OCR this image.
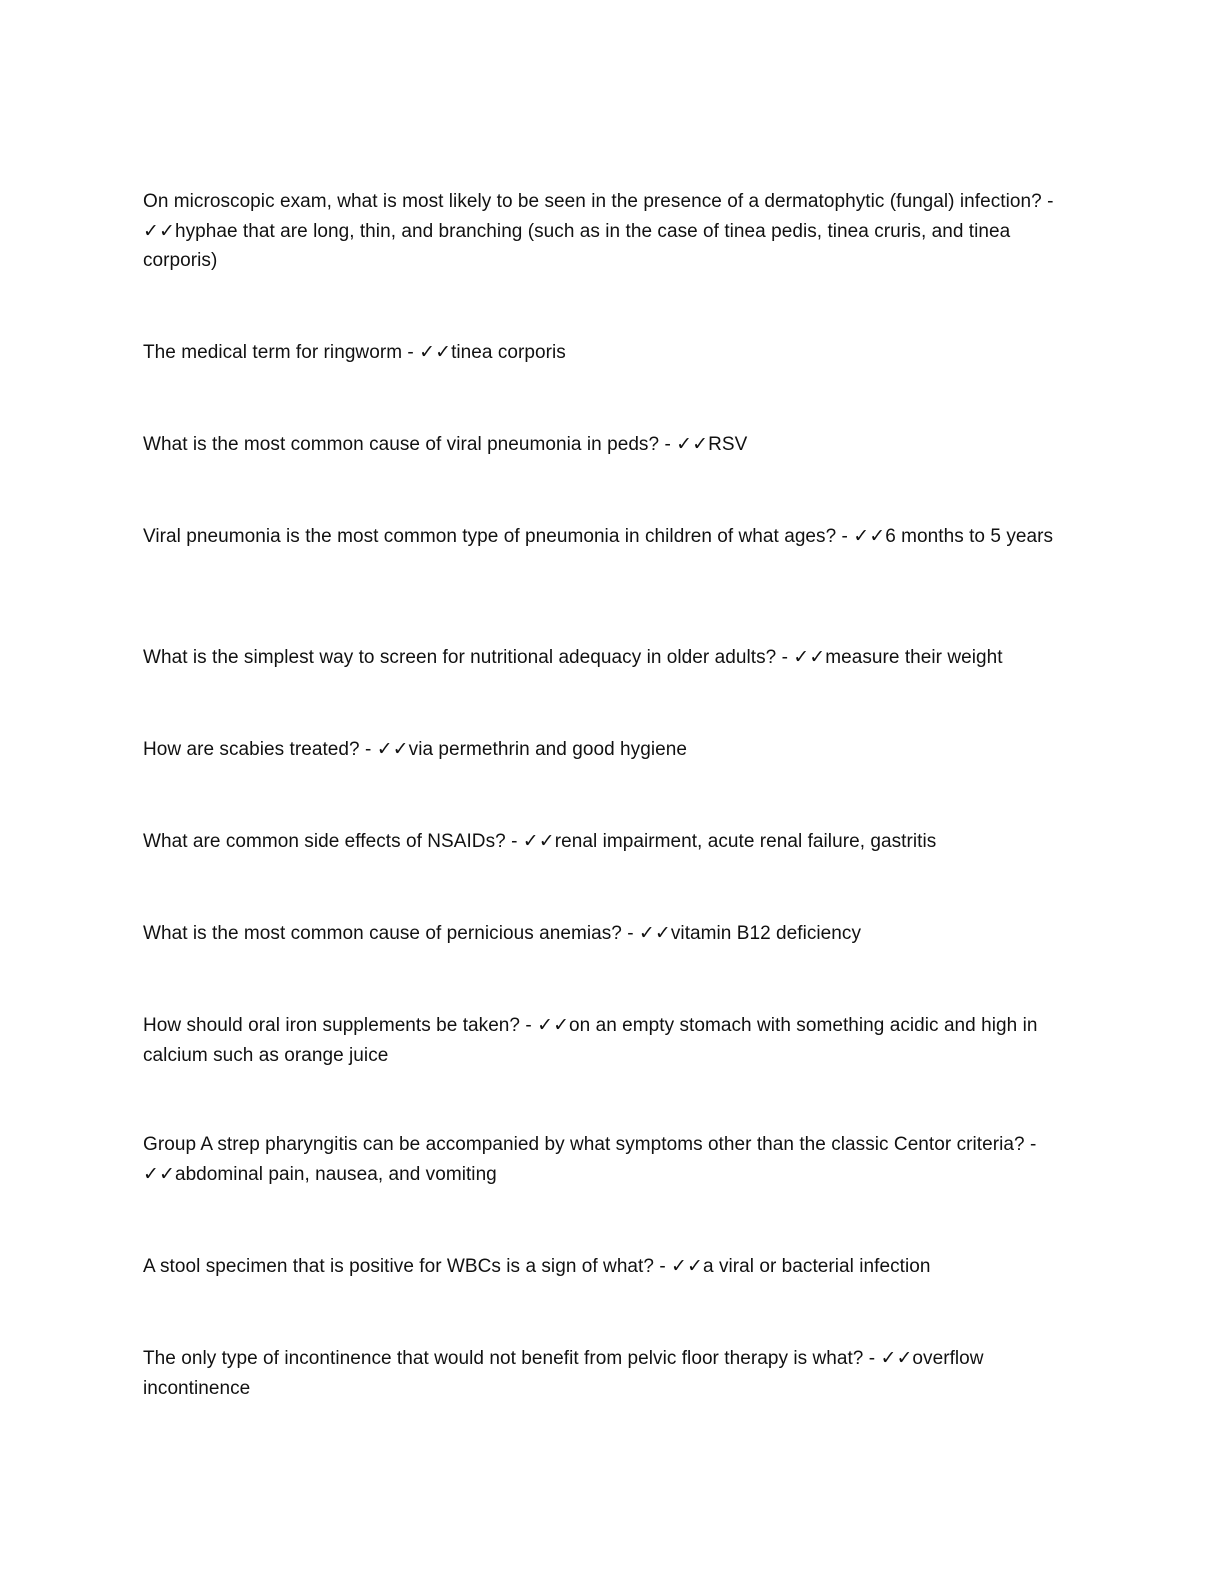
On microscopic exam, what is most likely to be seen in the presence of a dermatophytic (fungal) infection? - ✓✓hyphae that are long, thin, and branching (such as in the case of tinea pedis, tinea cruris, and tinea corporis)

The medical term for ringworm - ✓✓tinea corporis

What is the most common cause of viral pneumonia in peds? - ✓✓RSV

Viral pneumonia is the most common type of pneumonia in children of what ages? - ✓✓6 months to 5 years

What is the simplest way to screen for nutritional adequacy in older adults? - ✓✓measure their weight

How are scabies treated? - ✓✓via permethrin and good hygiene

What are common side effects of NSAIDs? - ✓✓renal impairment, acute renal failure, gastritis

What is the most common cause of pernicious anemias? - ✓✓vitamin B12 deficiency

How should oral iron supplements be taken? - ✓✓on an empty stomach with something acidic and high in calcium such as orange juice

Group A strep pharyngitis can be accompanied by what symptoms other than the classic Centor criteria? - ✓✓abdominal pain, nausea, and vomiting

A stool specimen that is positive for WBCs is a sign of what? - ✓✓a viral or bacterial infection

The only type of incontinence that would not benefit from pelvic floor therapy is what? - ✓✓overflow incontinence
